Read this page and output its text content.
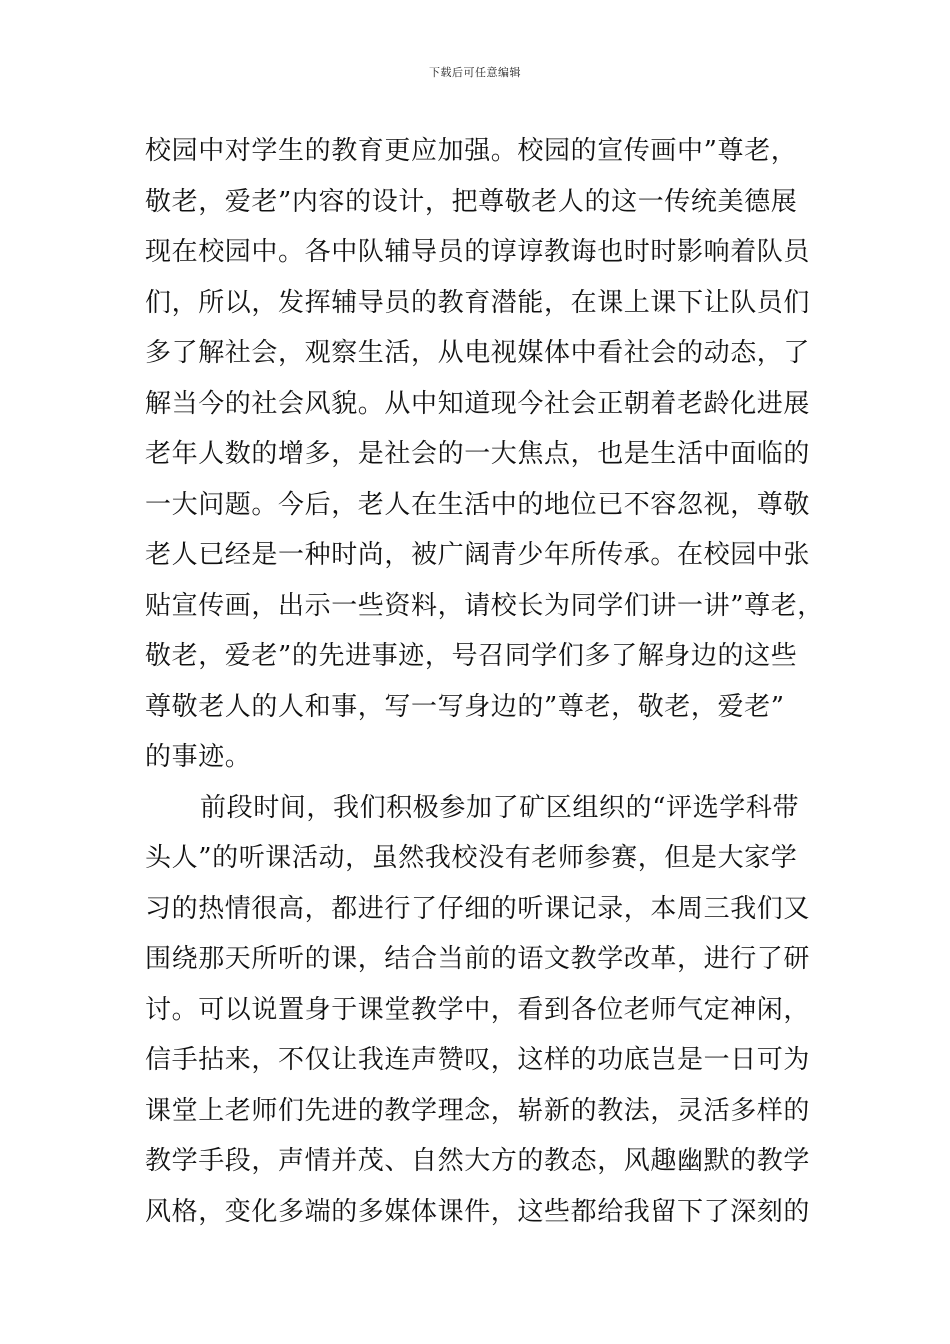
下载后可任意编辑
校园中对学生的教育更应加强。校园的宣传画中”尊老，
敬老，爱老”内容的设计，把尊敬老人的这一传统美德展
现在校园中。各中队辅导员的谆谆教诲也时时影响着队员
们，所以，发挥辅导员的教育潜能，在课上课下让队员们
多了解社会，观察生活，从电视媒体中看社会的动态，了
解当今的社会风貌。从中知道现今社会正朝着老龄化进展
老年人数的增多，是社会的一大焦点，也是生活中面临的
一大问题。今后，老人在生活中的地位已不容忽视，尊敬
老人已经是一种时尚，被广阔青少年所传承。在校园中张
贴宣传画，出示一些资料，请校长为同学们讲一讲”尊老，
敬老，爱老”的先进事迹，号召同学们多了解身边的这些
尊敬老人的人和事，写一写身边的”尊老，敬老，爱老”
的事迹。
前段时间，我们积极参加了矿区组织的“评选学科带
头人”的听课活动，虽然我校没有老师参赛，但是大家学
习的热情很高，都进行了仔细的听课记录，本周三我们又
围绕那天所听的课，结合当前的语文教学改革，进行了研
讨。可以说置身于课堂教学中，看到各位老师气定神闲，
信手拈来，不仅让我连声赞叹，这样的功底岂是一日可为
课堂上老师们先进的教学理念，崭新的教法，灵活多样的
教学手段，声情并茂、自然大方的教态，风趣幽默的教学
风格，变化多端的多媒体课件，这些都给我留下了深刻的
